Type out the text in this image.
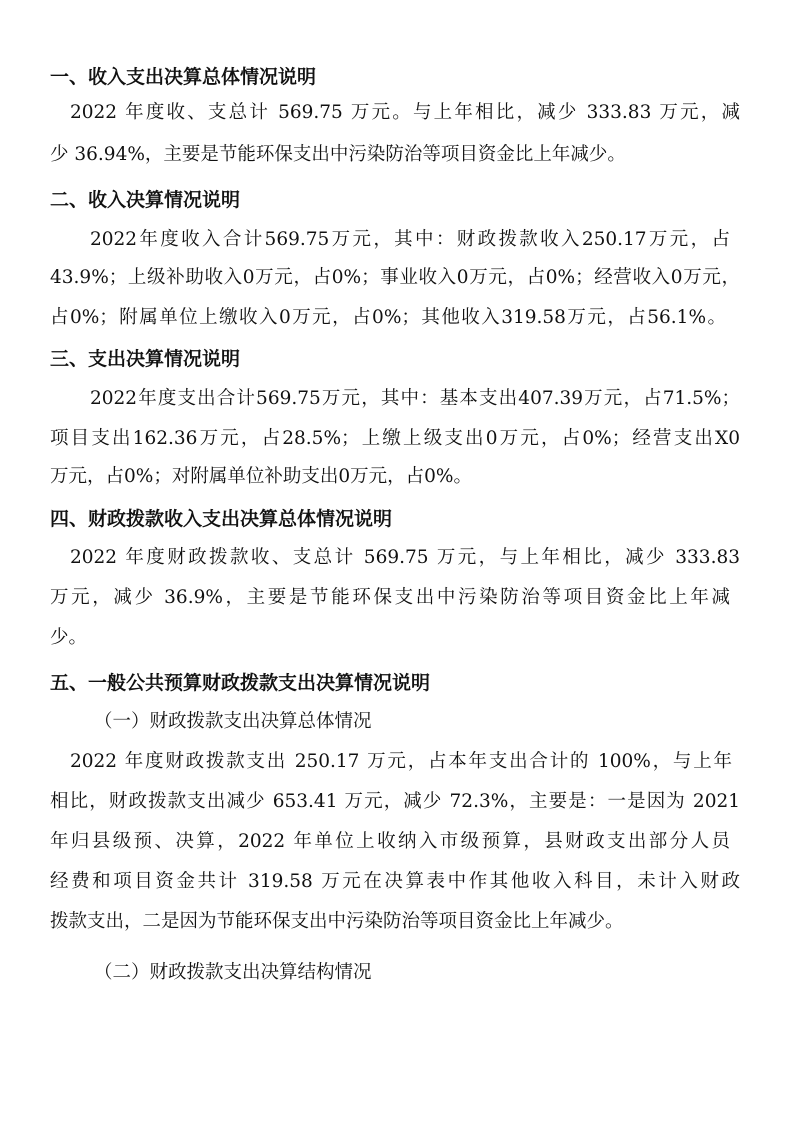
一、收入支出决算总体情况说明
2022 年度收、支总计 569.75 万元。与上年相比，减少 333.83 万元，减
少 36.94%，主要是节能环保支出中污染防治等项目资金比上年减少。
二、收入决算情况说明
2022年度收入合计569.75万元，其中：财政拨款收入250.17万元，占
43.9%；上级补助收入0万元，占0%；事业收入0万元，占0%；经营收入0万元，
占0%；附属单位上缴收入0万元，占0%；其他收入319.58万元，占56.1%。
三、支出决算情况说明
2022年度支出合计569.75万元，其中：基本支出407.39万元，占71.5%；
项目支出162.36万元，占28.5%；上缴上级支出0万元，占0%；经营支出X0
万元，占0%；对附属单位补助支出0万元，占0%。
四、财政拨款收入支出决算总体情况说明
2022 年度财政拨款收、支总计 569.75 万元，与上年相比，减少 333.83
万元，减少 36.9%，主要是节能环保支出中污染防治等项目资金比上年减
少。
五、一般公共预算财政拨款支出决算情况说明
（一）财政拨款支出决算总体情况
2022 年度财政拨款支出 250.17 万元，占本年支出合计的 100%，与上年
相比，财政拨款支出减少 653.41 万元，减少 72.3%，主要是：一是因为 2021
年归县级预、决算，2022 年单位上收纳入市级预算，县财政支出部分人员
经费和项目资金共计 319.58 万元在决算表中作其他收入科目，未计入财政
拨款支出，二是因为节能环保支出中污染防治等项目资金比上年减少。
（二）财政拨款支出决算结构情况
